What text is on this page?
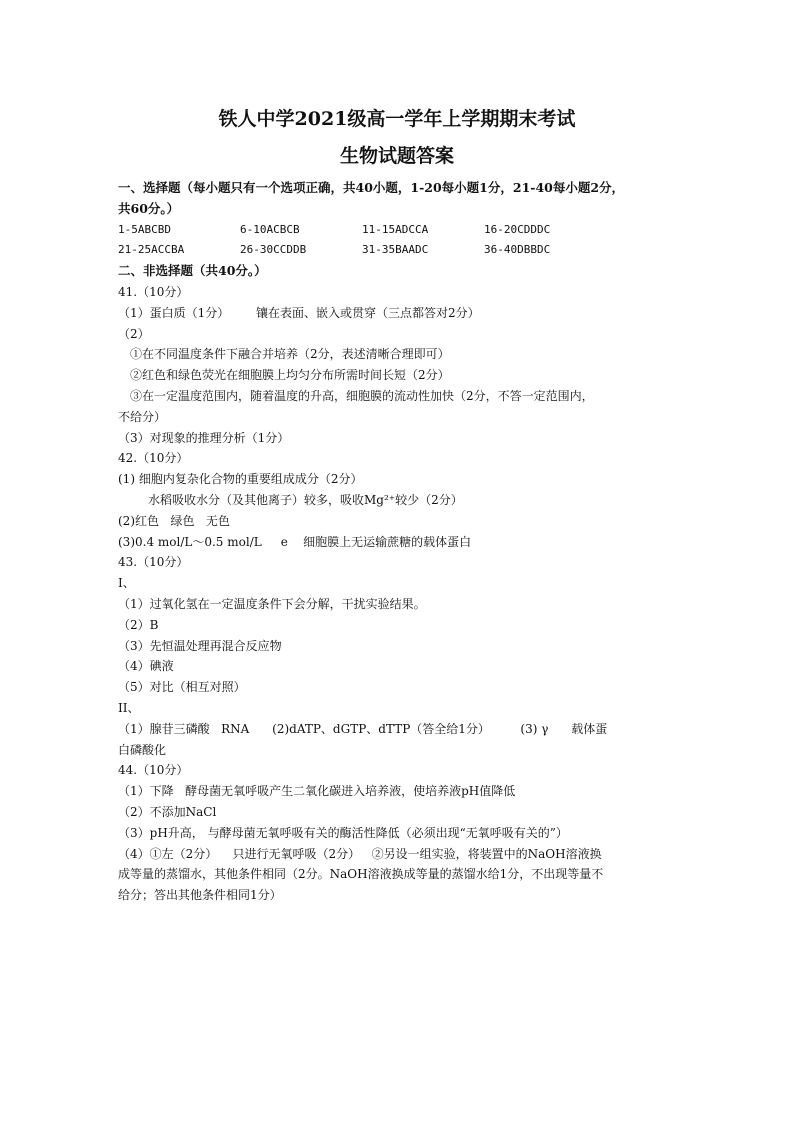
铁人中学2021级高一学年上学期期末考试
生物试题答案
一、选择题（每小题只有一个选项正确，共40小题，1-20每小题1分，21-40每小题2分，
共60分。）
1-5ABCBD	6-10ACBCB	11-15ADCCA	16-20CDDDC
21-25ACCBA	26-30CCDDB	31-35BAADC	36-40DBBDC
二、非选择题（共40分。）
41.（10分）
（1）蛋白质（1分）       镶在表面、嵌入或贯穿（三点都答对2分）
（2）
①在不同温度条件下融合并培养（2分，表述清晰合理即可）
②红色和绿色荧光在细胞膜上均匀分布所需时间长短（2分）
③在一定温度范围内，随着温度的升高，细胞膜的流动性加快（2分，不答一定范围内，
不给分）
（3）对现象的推理分析（1分）
42.（10分）
(1) 细胞内复杂化合物的重要组成成分（2分）
水稻吸收水分（及其他离子）较多，吸收Mg²⁺较少（2分）
(2)红色   绿色   无色
(3)0.4 mol/L～0.5 mol/L     e    细胞膜上无运输蔗糖的载体蛋白
43.（10分）
I、
（1）过氧化氢在一定温度条件下会分解，干扰实验结果。
（2）B
（3）先恒温处理再混合反应物
（4）碘液
（5）对比（相互对照）
II、
（1）腺苷三磷酸   RNA      (2)dATP、dGTP、dTTP（答全给1分）        (3) γ      载体蛋
白磷酸化
44.（10分）
（1）下降   酵母菌无氧呼吸产生二氧化碳进入培养液，使培养液pH值降低
（2）不添加NaCl
（3）pH升高， 与酵母菌无氧呼吸有关的酶活性降低（必须出现“无氧呼吸有关的”）
（4）①左（2分）    只进行无氧呼吸（2分）   ②另设一组实验，将装置中的NaOH溶液换
成等量的蒸馏水，其他条件相同（2分。NaOH溶液换成等量的蒸馏水给1分，不出现等量不
给分；答出其他条件相同1分）
